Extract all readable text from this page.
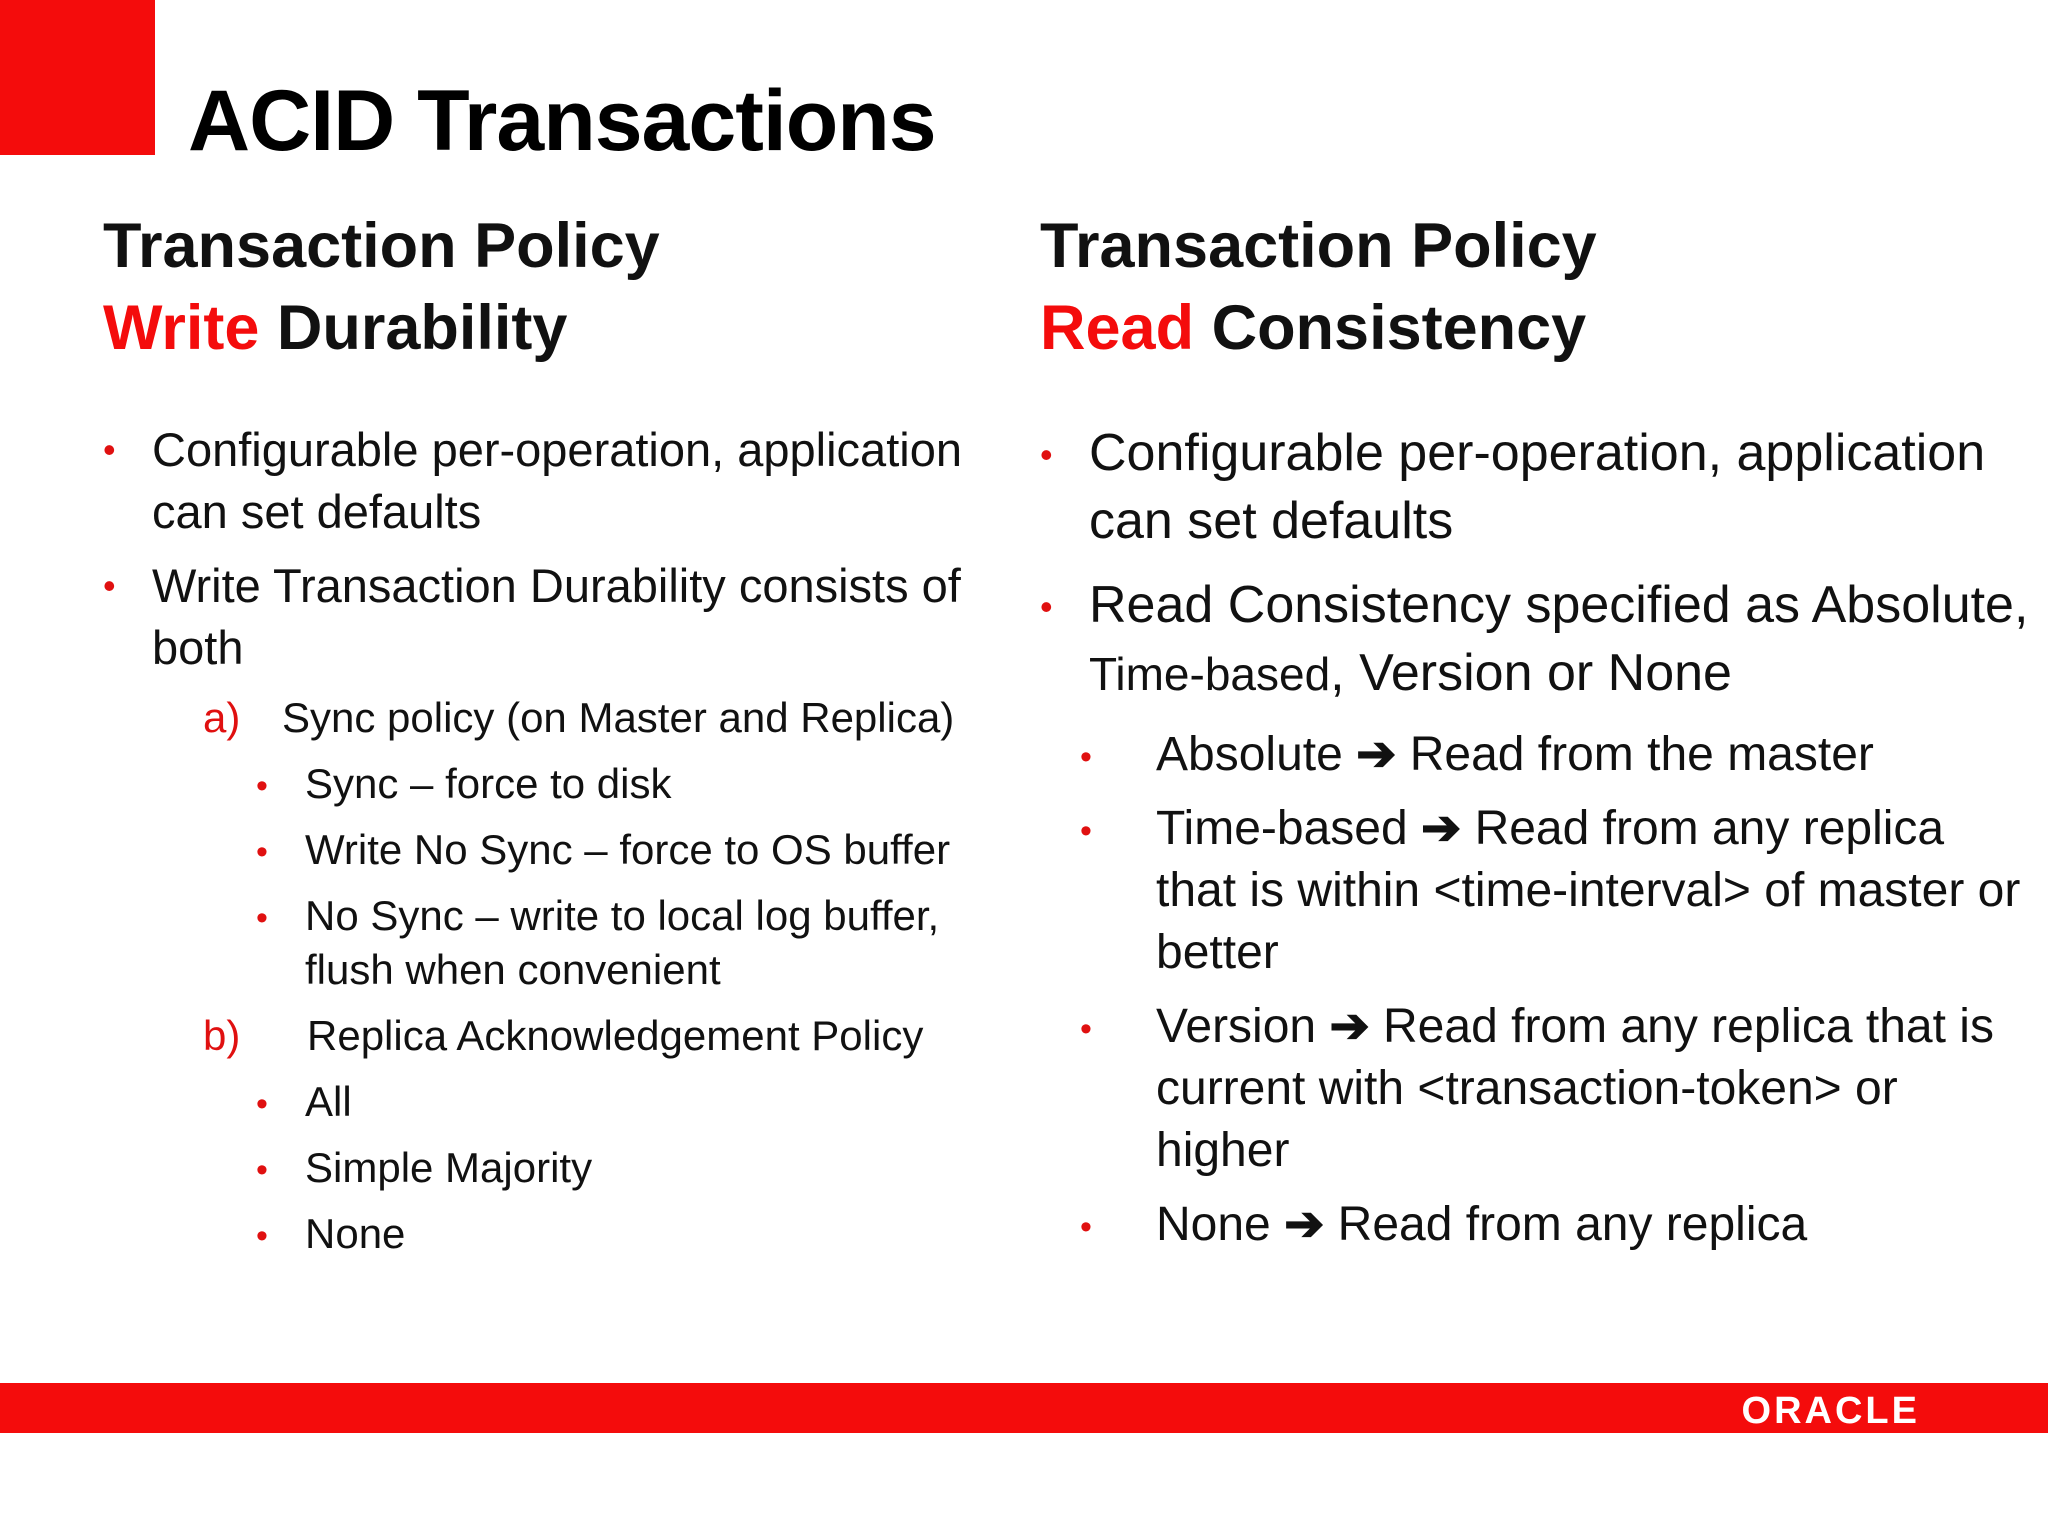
ACID Transactions
Transaction Policy
Write Durability
• Configurable per-operation, application can set defaults
• Write Transaction Durability consists of both
a) Sync policy (on Master and Replica)
• Sync – force to disk
• Write No Sync – force to OS buffer
• No Sync – write to local log buffer, flush when convenient
b) Replica Acknowledgement Policy
• All
• Simple Majority
• None
Transaction Policy
Read Consistency
• Configurable per-operation, application can set defaults
• Read Consistency specified as Absolute, Time-based, Version or None
• Absolute ➔ Read from the master
• Time-based ➔ Read from any replica that is within <time-interval> of master or better
• Version ➔ Read from any replica that is current with <transaction-token> or higher
• None ➔ Read from any replica
ORACLE
